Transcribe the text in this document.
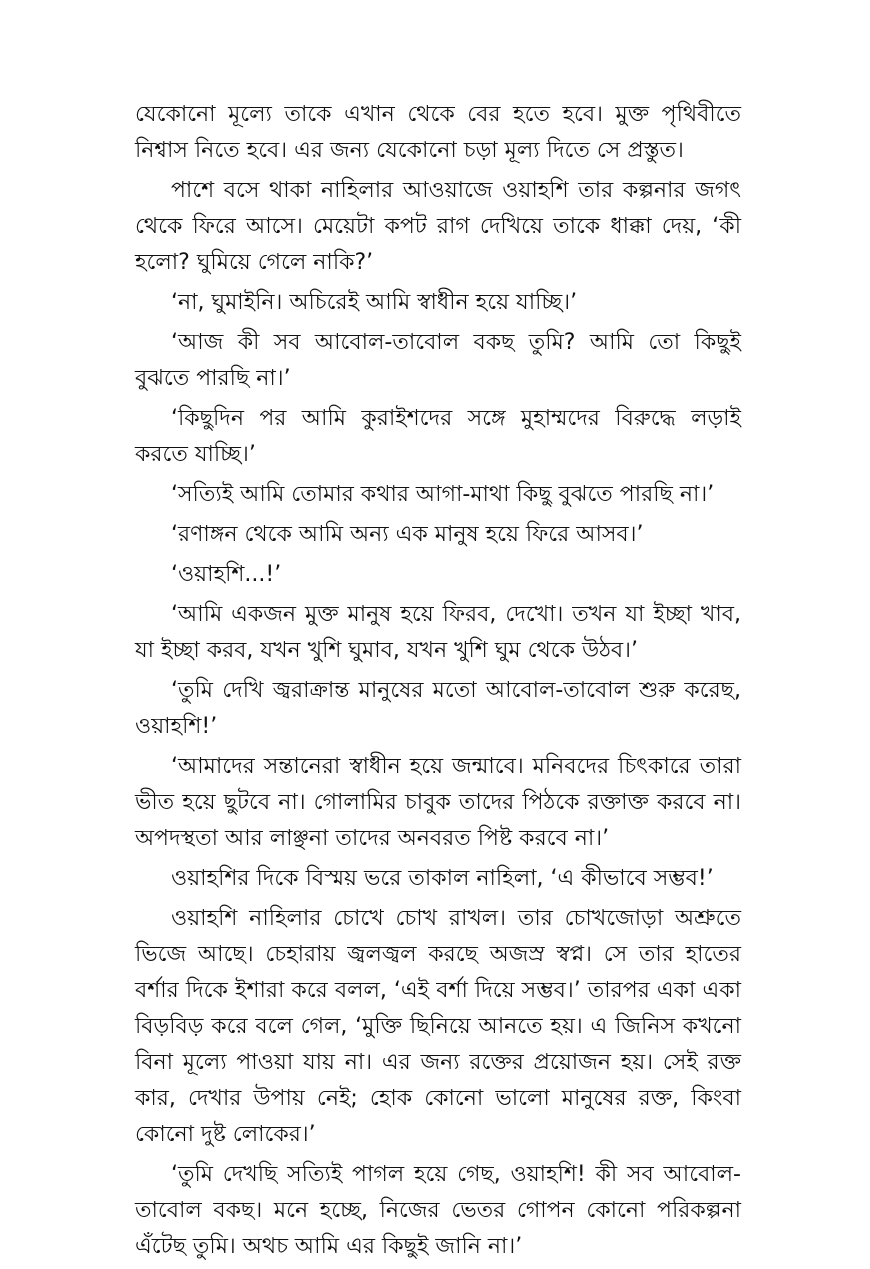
যেকোনো মূল্যে তাকে এখান থেকে বের হতে হবে। মুক্ত পৃথিবীতে নিশ্বাস নিতে হবে। এর জন্য যেকোনো চড়া মূল্য দিতে সে প্রস্তুত।

পাশে বসে থাকা নাহিলার আওয়াজে ওয়াহশি তার কল্পনার জগৎ থেকে ফিরে আসে। মেয়েটা কপট রাগ দেখিয়ে তাকে ধাক্কা দেয়, ‘কী হলো? ঘুমিয়ে গেলে নাকি?’

‘না, ঘুমাইনি। অচিরেই আমি স্বাধীন হয়ে যাচ্ছি।’

‘আজ কী সব আবোল-তাবোল বকছ তুমি? আমি তো কিছুই বুঝতে পারছি না।’

‘কিছুদিন পর আমি কুরাইশদের সঙ্গে মুহাম্মদের বিরুদ্ধে লড়াই করতে যাচ্ছি।’

‘সত্যিই আমি তোমার কথার আগা-মাথা কিছু বুঝতে পারছি না।’

‘রণাঙ্গন থেকে আমি অন্য এক মানুষ হয়ে ফিরে আসব।’

‘ওয়াহশি...!’

‘আমি একজন মুক্ত মানুষ হয়ে ফিরব, দেখো। তখন যা ইচ্ছা খাব, যা ইচ্ছা করব, যখন খুশি ঘুমাব, যখন খুশি ঘুম থেকে উঠব।’

‘তুমি দেখি জ্বরাক্রান্ত মানুষের মতো আবোল-তাবোল শুরু করেছ, ওয়াহশি!’

‘আমাদের সন্তানেরা স্বাধীন হয়ে জন্মাবে। মনিবদের চিৎকারে তারা ভীত হয়ে ছুটবে না। গোলামির চাবুক তাদের পিঠকে রক্তাক্ত করবে না। অপদস্থতা আর লাঞ্ছনা তাদের অনবরত পিষ্ট করবে না।’

ওয়াহশির দিকে বিস্ময় ভরে তাকাল নাহিলা, ‘এ কীভাবে সম্ভব!’

ওয়াহশি নাহিলার চোখে চোখ রাখল। তার চোখজোড়া অশ্রুতে ভিজে আছে। চেহারায় জ্বলজ্বল করছে অজস্র স্বপ্ন। সে তার হাতের বর্শার দিকে ইশারা করে বলল, ‘এই বর্শা দিয়ে সম্ভব।’ তারপর একা একা বিড়বিড় করে বলে গেল, ‘মুক্তি ছিনিয়ে আনতে হয়। এ জিনিস কখনো বিনা মূল্যে পাওয়া যায় না। এর জন্য রক্তের প্রয়োজন হয়। সেই রক্ত কার, দেখার উপায় নেই; হোক কোনো ভালো মানুষের রক্ত, কিংবা কোনো দুষ্ট লোকের।’

‘তুমি দেখছি সত্যিই পাগল হয়ে গেছ, ওয়াহশি! কী সব আবোল-তাবোল বকছ। মনে হচ্ছে, নিজের ভেতর গোপন কোনো পরিকল্পনা এঁটেছ তুমি। অথচ আমি এর কিছুই জানি না।’
